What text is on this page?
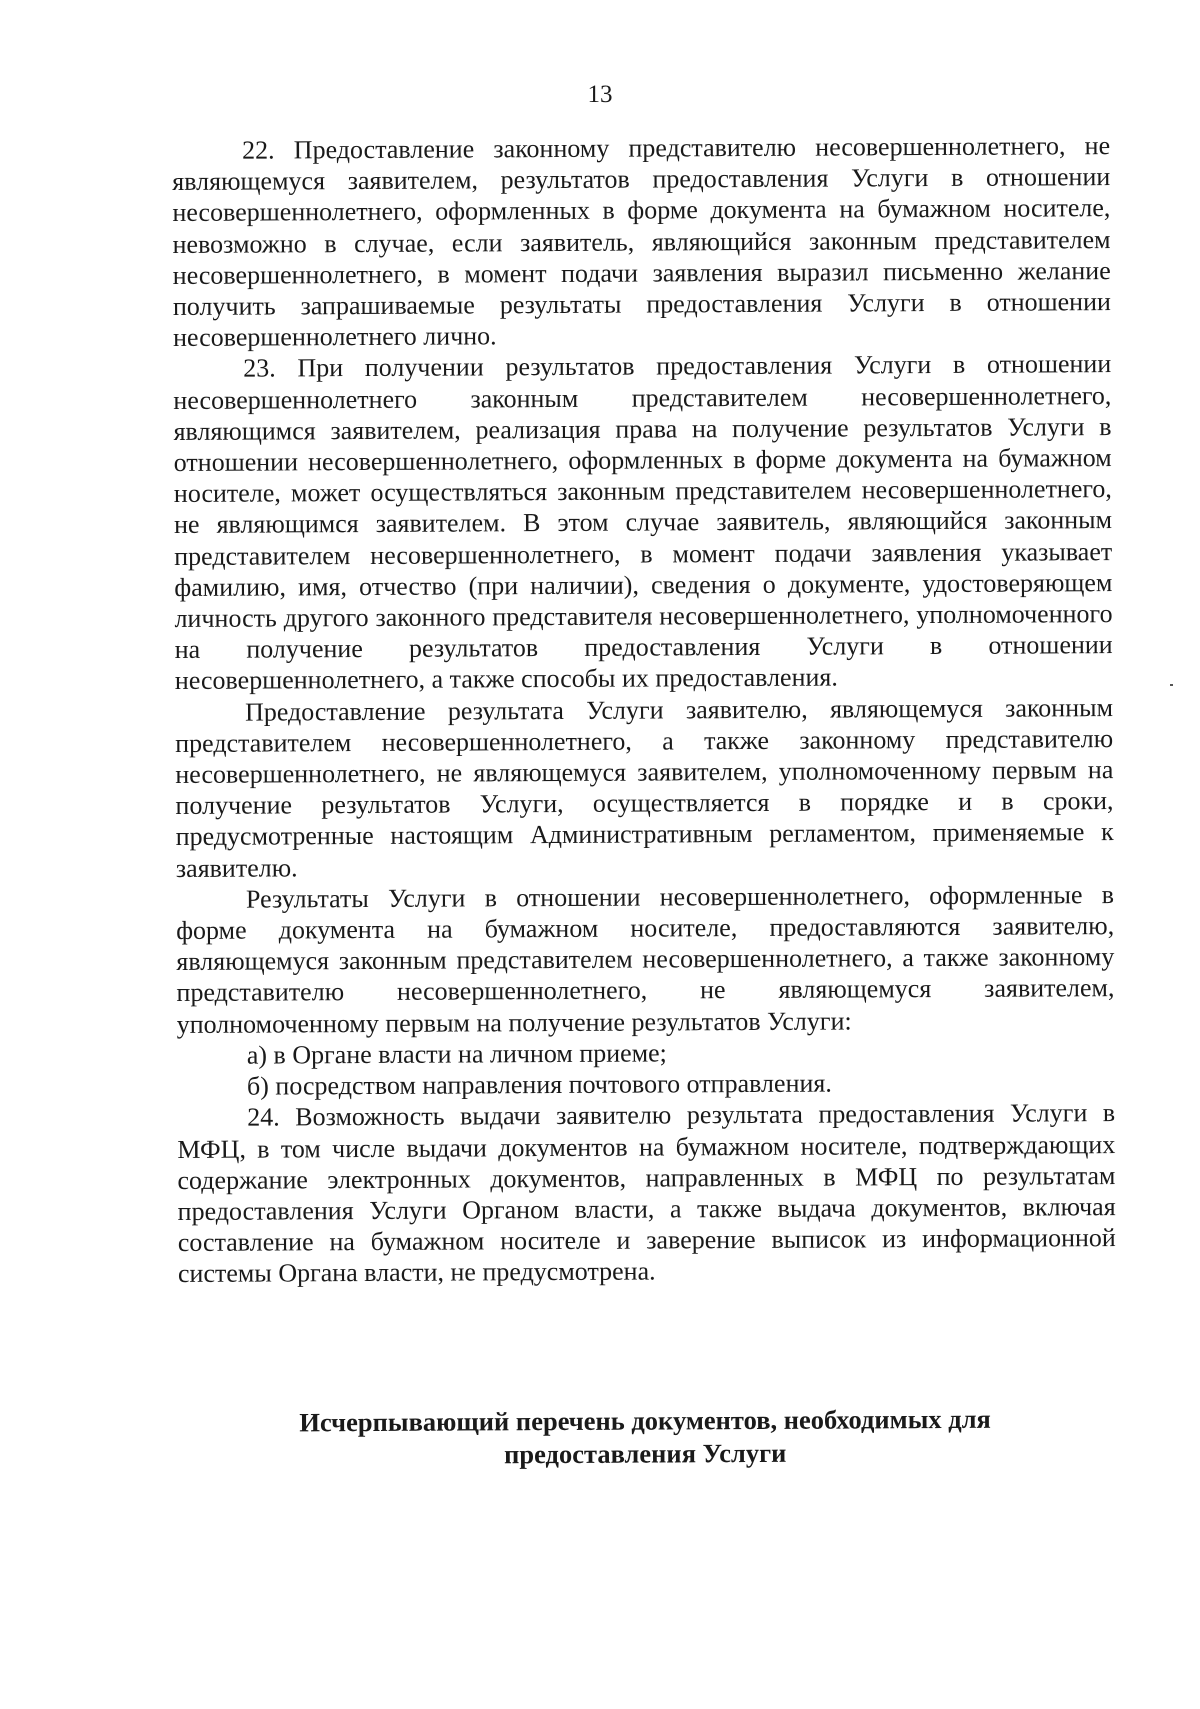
13

22. Предоставление законному представителю несовершеннолетнего, не являющемуся заявителем, результатов предоставления Услуги в отношении несовершеннолетнего, оформленных в форме документа на бумажном носителе, невозможно в случае, если заявитель, являющийся законным представителем несовершеннолетнего, в момент подачи заявления выразил письменно желание получить запрашиваемые результаты предоставления Услуги в отношении несовершеннолетнего лично.

23. При получении результатов предоставления Услуги в отношении несовершеннолетнего законным представителем несовершеннолетнего, являющимся заявителем, реализация права на получение результатов Услуги в отношении несовершеннолетнего, оформленных в форме документа на бумажном носителе, может осуществляться законным представителем несовершеннолетнего, не являющимся заявителем. В этом случае заявитель, являющийся законным представителем несовершеннолетнего, в момент подачи заявления указывает фамилию, имя, отчество (при наличии), сведения о документе, удостоверяющем личность другого законного представителя несовершеннолетнего, уполномоченного на получение результатов предоставления Услуги в отношении несовершеннолетнего, а также способы их предоставления.

Предоставление результата Услуги заявителю, являющемуся законным представителем несовершеннолетнего, а также законному представителю несовершеннолетнего, не являющемуся заявителем, уполномоченному первым на получение результатов Услуги, осуществляется в порядке и в сроки, предусмотренные настоящим Административным регламентом, применяемые к заявителю.

Результаты Услуги в отношении несовершеннолетнего, оформленные в форме документа на бумажном носителе, предоставляются заявителю, являющемуся законным представителем несовершеннолетнего, а также законному представителю несовершеннолетнего, не являющемуся заявителем, уполномоченному первым на получение результатов Услуги:

а) в Органе власти на личном приеме;

б) посредством направления почтового отправления.

24. Возможность выдачи заявителю результата предоставления Услуги в МФЦ, в том числе выдачи документов на бумажном носителе, подтверждающих содержание электронных документов, направленных в МФЦ по результатам предоставления Услуги Органом власти, а также выдача документов, включая составление на бумажном носителе и заверение выписок из информационной системы Органа власти, не предусмотрена.

Исчерпывающий перечень документов, необходимых для
предоставления Услуги
